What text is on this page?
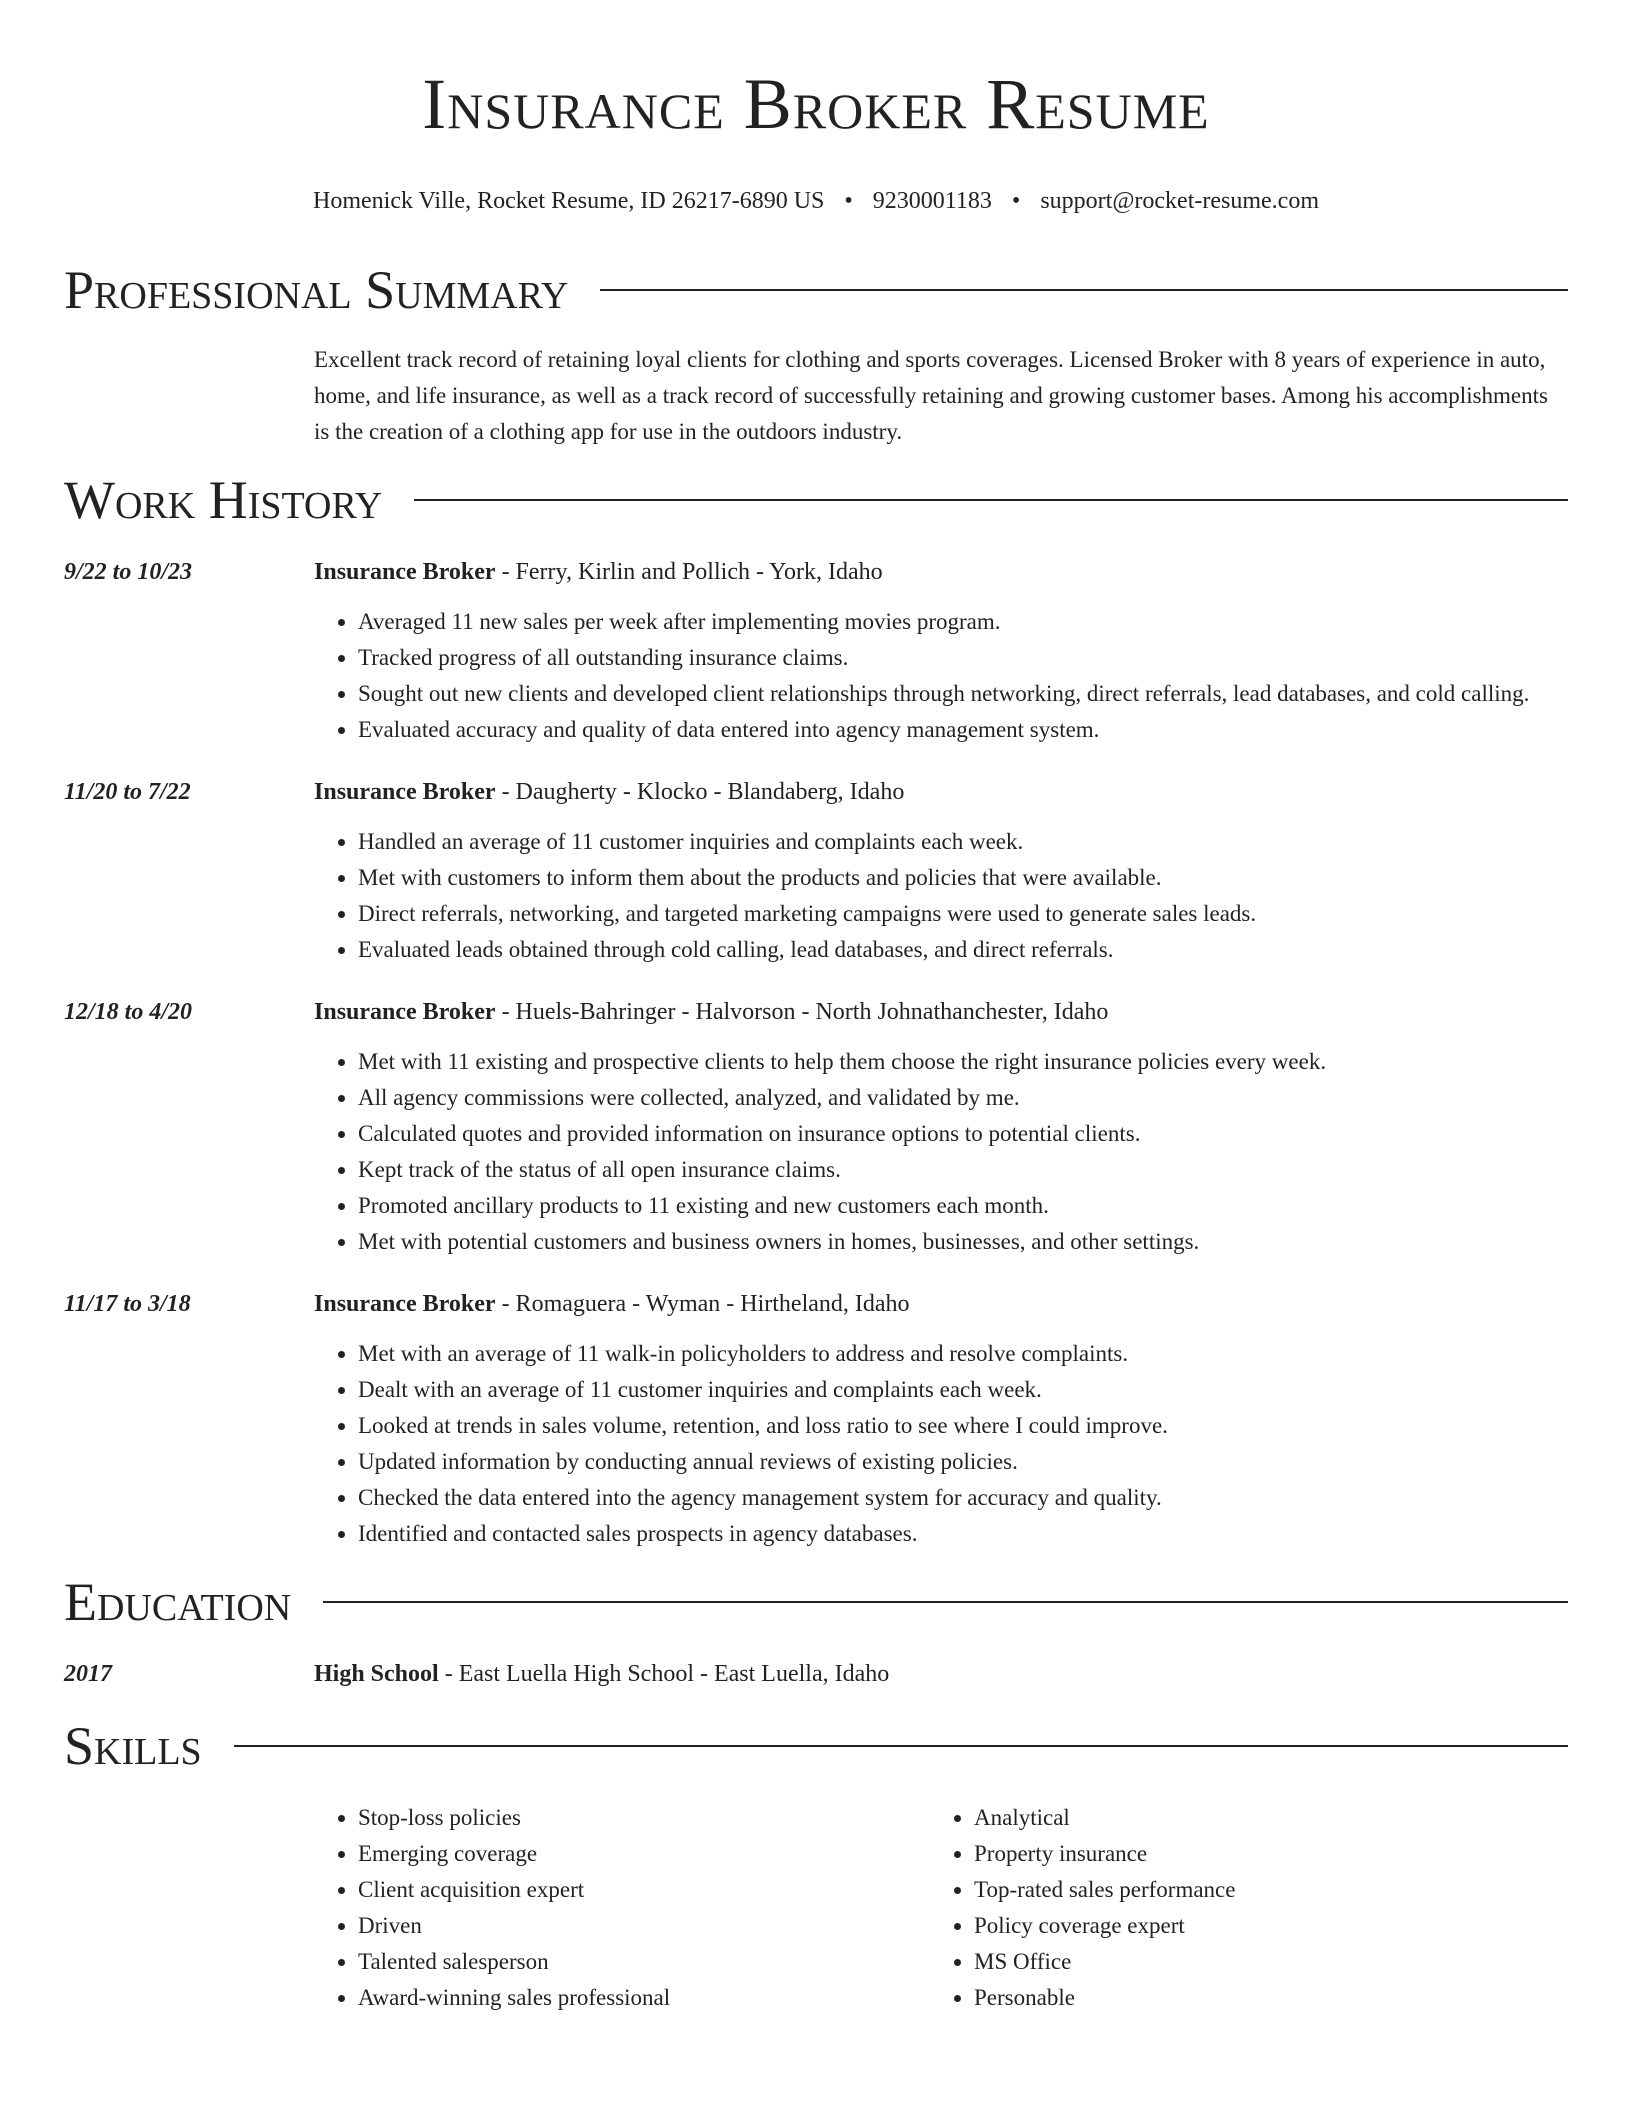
Insurance Broker Resume
Homenick Ville, Rocket Resume, ID 26217-6890 US • 9230001183 • support@rocket-resume.com
Professional Summary
Excellent track record of retaining loyal clients for clothing and sports coverages. Licensed Broker with 8 years of experience in auto, home, and life insurance, as well as a track record of successfully retaining and growing customer bases. Among his accomplishments is the creation of a clothing app for use in the outdoors industry.
Work History
9/22 to 10/23	Insurance Broker - Ferry, Kirlin and Pollich - York, Idaho
• Averaged 11 new sales per week after implementing movies program.
• Tracked progress of all outstanding insurance claims.
• Sought out new clients and developed client relationships through networking, direct referrals, lead databases, and cold calling.
• Evaluated accuracy and quality of data entered into agency management system.
11/20 to 7/22	Insurance Broker - Daugherty - Klocko - Blandaberg, Idaho
• Handled an average of 11 customer inquiries and complaints each week.
• Met with customers to inform them about the products and policies that were available.
• Direct referrals, networking, and targeted marketing campaigns were used to generate sales leads.
• Evaluated leads obtained through cold calling, lead databases, and direct referrals.
12/18 to 4/20	Insurance Broker - Huels-Bahringer - Halvorson - North Johnathanchester, Idaho
• Met with 11 existing and prospective clients to help them choose the right insurance policies every week.
• All agency commissions were collected, analyzed, and validated by me.
• Calculated quotes and provided information on insurance options to potential clients.
• Kept track of the status of all open insurance claims.
• Promoted ancillary products to 11 existing and new customers each month.
• Met with potential customers and business owners in homes, businesses, and other settings.
11/17 to 3/18	Insurance Broker - Romaguera - Wyman - Hirtheland, Idaho
• Met with an average of 11 walk-in policyholders to address and resolve complaints.
• Dealt with an average of 11 customer inquiries and complaints each week.
• Looked at trends in sales volume, retention, and loss ratio to see where I could improve.
• Updated information by conducting annual reviews of existing policies.
• Checked the data entered into the agency management system for accuracy and quality.
• Identified and contacted sales prospects in agency databases.
Education
2017	High School - East Luella High School - East Luella, Idaho
Skills
• Stop-loss policies
• Emerging coverage
• Client acquisition expert
• Driven
• Talented salesperson
• Award-winning sales professional
• Analytical
• Property insurance
• Top-rated sales performance
• Policy coverage expert
• MS Office
• Personable
